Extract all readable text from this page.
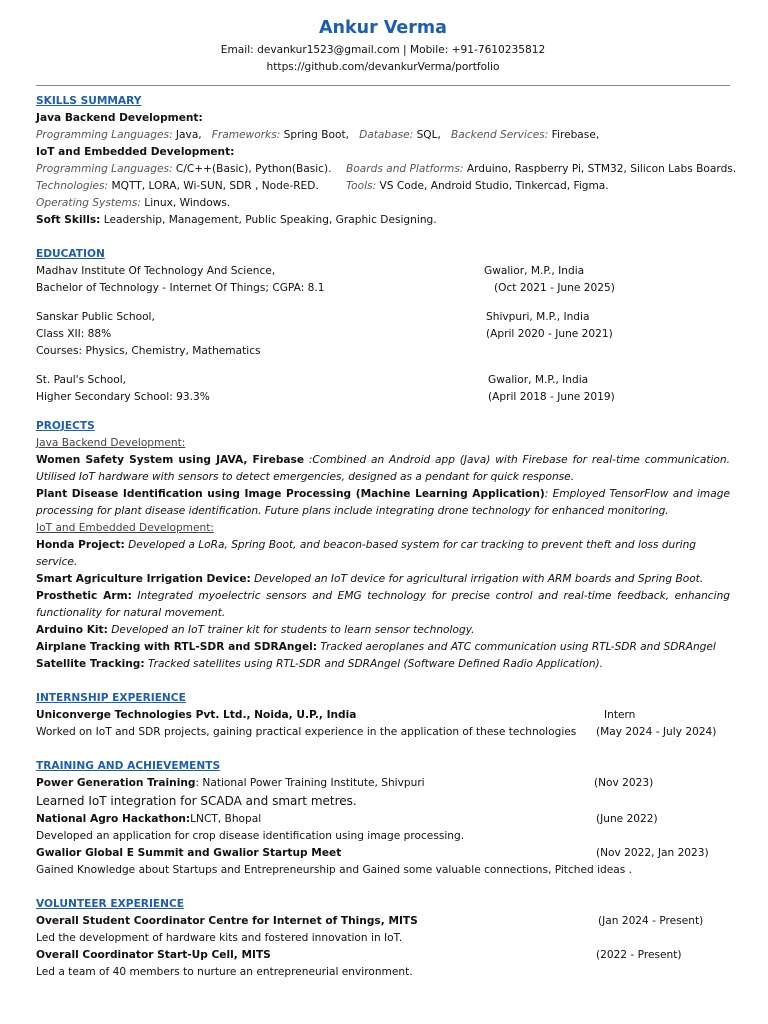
Ankur Verma
Email: devankur1523@gmail.com | Mobile: +91-7610235812
https://github.com/devankurVerma/portfolio
SKILLS SUMMARY
Java Backend Development:
Programming Languages: Java,   Frameworks: Spring Boot,   Database: SQL,   Backend Services: Firebase,
IoT and Embedded Development:
Programming Languages: C/C++(Basic), Python(Basic). Boards and Platforms: Arduino, Raspberry Pi, STM32, Silicon Labs Boards.
Technologies: MQTT, LORA, Wi-SUN, SDR , Node-RED.	Tools: VS Code, Android Studio, Tinkercad, Figma.
Operating Systems: Linux, Windows.
Soft Skills: Leadership, Management, Public Speaking, Graphic Designing.
EDUCATION
Madhav Institute Of Technology And Science,	Gwalior, M.P., India
Bachelor of Technology - Internet Of Things; CGPA: 8.1	(Oct 2021 - June 2025)
Sanskar Public School,	Shivpuri, M.P., India
Class XII: 88%	(April 2020 - June 2021)
Courses: Physics, Chemistry, Mathematics
St. Paul's School,	Gwalior, M.P., India
Higher Secondary School: 93.3%	(April 2018 - June 2019)
PROJECTS
Java Backend Development:
Women Safety System using JAVA, Firebase :Combined an Android app (Java) with Firebase for real-time communication. Utilised IoT hardware with sensors to detect emergencies, designed as a pendant for quick response.
Plant Disease Identification using Image Processing (Machine Learning Application): Employed TensorFlow and image processing for plant disease identification. Future plans include integrating drone technology for enhanced monitoring.
IoT and Embedded Development:
Honda Project: Developed a LoRa, Spring Boot, and beacon-based system for car tracking to prevent theft and loss during service.
Smart Agriculture Irrigation Device: Developed an IoT device for agricultural irrigation with ARM boards and Spring Boot.
Prosthetic Arm: Integrated myoelectric sensors and EMG technology for precise control and real-time feedback, enhancing functionality for natural movement.
Arduino Kit: Developed an IoT trainer kit for students to learn sensor technology.
Airplane Tracking with RTL-SDR and SDRAngel: Tracked aeroplanes and ATC communication using RTL-SDR and SDRAngel
Satellite Tracking: Tracked satellites using RTL-SDR and SDRAngel (Software Defined Radio Application).
INTERNSHIP EXPERIENCE
Uniconverge Technologies Pvt. Ltd., Noida, U.P., India	Intern
Worked on IoT and SDR projects, gaining practical experience in the application of these technologies (May 2024 - July 2024)
TRAINING AND ACHIEVEMENTS
Power Generation Training: National Power Training Institute, Shivpuri	(Nov 2023)
Learned IoT integration for SCADA and smart metres.
National Agro Hackathon:LNCT, Bhopal	(June 2022)
Developed an application for crop disease identification using image processing.
Gwalior Global E Summit and Gwalior Startup Meet	(Nov 2022, Jan 2023)
Gained Knowledge about Startups and Entrepreneurship and Gained some valuable connections, Pitched ideas .
VOLUNTEER EXPERIENCE
Overall Student Coordinator Centre for Internet of Things, MITS	(Jan 2024 - Present)
Led the development of hardware kits and fostered innovation in IoT.
Overall Coordinator Start-Up Cell, MITS	(2022 - Present)
Led a team of 40 members to nurture an entrepreneurial environment.
